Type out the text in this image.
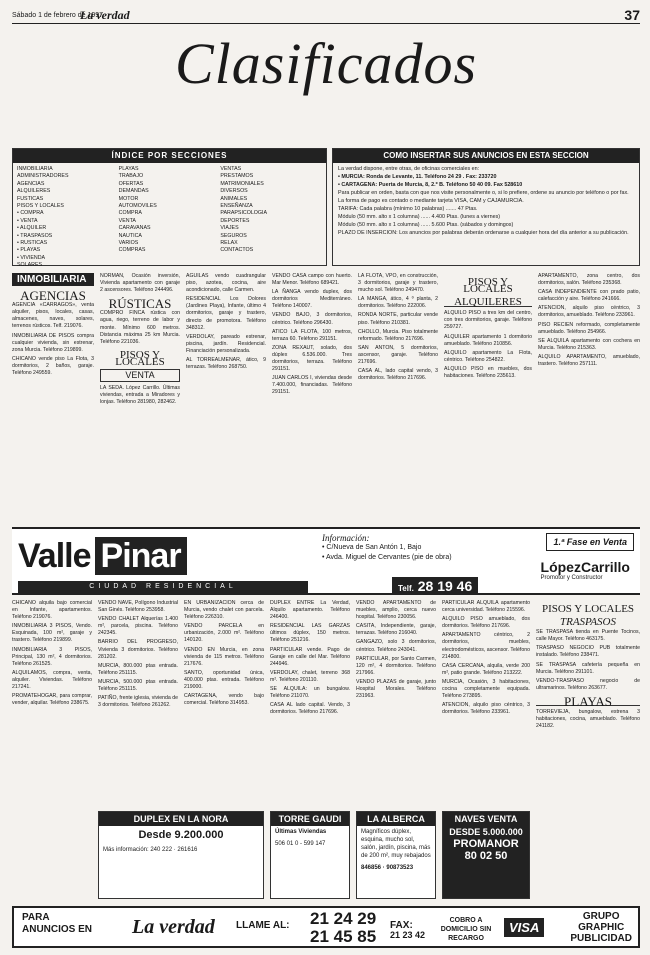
Sábado 1 de febrero de 1997
La verdad	37
Clasificados
ÍNDICE POR SECCIONES
INMOBILIARIA
ADMINISTRADORES
AGENCIAS
ALQUILERES
FUSTICAS
PISOS Y LOCALES
• COMPRA
• VENTA
• ALQUILER
• TRASPASOS
• RUSTICAS
• PLAYAS
• VIVIENDA
SOLARES
PLAYAS
TRABAJO
OFERTAS
DEMANDAS
MOTOR
AUTOMOVILES
COMPRA
VENTA
CARAVANAS
NAUTICA
VARIOS
COMPRAS
VENTAS
PRESTAMOS
MATRIMONIALES
DIVERSOS
ANIMALES
ENSEÑANZA
PARAPSICOLOGIA
DEPORTES
VIAJES
SEGUROS
RELAX
CONTACTOS
COMO INSERTAR SUS ANUNCIOS EN ESTA SECCION

La verdad dispone, entre otras, de oficinas comerciales en:

• MURCIA: Ronda de Levante, 11. Teléfono 24 29 . Fax: 233720

• CARTAGENA: Puerta de Murcia, 8, 2.º B. Teléfono 50 40 09. Fax 528610

Para publicar en orden, basta con que nos visite personalmente o, si lo prefiere, ordene su anuncio por teléfono o por fax.

La forma de pago es contado o mediante tarjeta VISA, CAM y CAJAMURCIA.

TARIFA: Cada palabra (mínimo 10 palabras) ....... 47 Ptas.

Módulo (50 mm. alto x 1 columna) ...... 4.400 Ptas. (lunes a viernes)

Módulo (50 mm. alto x 1 columna) ...... 5.600 Ptas. (sábados y domingos)

PLAZO DE INSERCION: Los anuncios por palabras deberán ordenarse a cualquier hora del día anterior a su publicación.

INMOBILIARIA
AGENCIAS

AGENCIA «CARRAGOS», venta alquiler, pisos, locales, casas, almacenes, naves, solares, terrenos rústicos. Telf. 219076.

INMOBILIARIA DE PISOS compra cualquier vivienda, sin estrenar, zona Murcia. Teléfono 219899.

CHICANO vende piso La Flota, 3 dormitorios, 2 baños, garaje. Teléfono 249559.

NORMAN, Ocasión inversión, Vivienda apartamento con garaje 2 ascensores. Teléfono 244496.

RÚSTICAS

COMPRO FINCA rústica con agua, riego, terreno de labor y monte. Mínimo 600 metros. Distancia máxima 25 km Murcia. Teléfono 221036.

PISOS Y LOCALES
VENTA

LA SEDA. López Carrillo. Últimas viviendas, entrada a Miradores y lonjas. Teléfono 281980, 282462.

AGUILAS vendo cuadrangular piso, azotea, cocina, aire acondicionado, calle Carmen.

RESIDENCIAL Los Dolores (Jardines Playa), Infante, último 4 dormitorios, garaje y trastero, directo de promotora. Teléfono 348312.

VERDOLAY, pareado estrenar, piscina, jardín. Residencial. Financiación personalizada.

AL TORREALMENAR, ático, 9 terrazas. Teléfono 268750.

VENDO CASA campo con huerto. Mar Menor. Teléfono 689421.

LA ÑANGA vendo duplex, dos dormitorios Mediterráneo. Teléfono 140007.

VENDO BAJO, 3 dormitorios, céntrico. Teléfono 296430.

ATICO LA FLOTA, 100 metros, terraza 60. Teléfono 291151.

ZONA REXAUT, solado, dos dúplex 6.536.000. Tres dormitorios, terraza. Teléfono 291151.

JUAN CARLOS I, viviendas desde 7.400.000, financiadas. Teléfono 291151.

LA FLOTA, VPO, en construcción, 3 dormitorios, garaje y trastero, mucho sol. Teléfono 249470.

LA MANGA, ático, 4 º planta, 2 dormitorios. Teléfono 222006.

RONDA NORTE, particular vende piso. Teléfono 210381.

CHOLLO, Murcia. Piso totalmente reformado. Teléfono 217696.

SAN ANTON, 5 dormitorios, ascensor, garaje. Teléfono 217696.

CASA AL, lado capital vendo, 3 dormitorios. Teléfono 217696.

PISOS Y LOCALES
ALQUILERES

ALQUILO PISO a tres km del centro, con tres dormitorios, garaje. Teléfono 259727.

ALQUILER apartamento 1 dormitorio amueblado. Teléfono 210856.

ALQUILO apartamento La Flota, céntrico. Teléfono 254822.

ALQUILO PISO en muebles, dos habitaciones. Teléfono 235613.

APARTAMENTO, zona centro, dos dormitorios, salón. Teléfono 235368.

CASA INDEPENDIENTE con prado patio, calefacción y aire. Teléfono 241666.

ATENCION, alquilo piso céntrico, 3 dormitorios, amueblado. Teléfono 233961.

PISO RECIEN reformado, completamente amueblado. Teléfono 254966.

SE ALQUILA apartamento con cochera en Murcia. Teléfono 215363.

ALQUILO APARTAMENTO, amueblado, trastero. Teléfono 257111.

Valle Pinar
CIUDAD RESIDENCIAL
Información:
• C/Nueva de San Antón 1, Bajo
• Avda. Miguel de Cervantes (pie de obra)
Telf. 28 19 46
1.ª Fase en Venta
LópezCarrillo
Promotor y Constructor

CHICANO alquila bajo comercial en Infante, apartamentos. Teléfono 219076.

INMOBILIARIA 3 PISOS, Vendo. Esquinada, 100 m², garaje y trastero. Teléfono 219899.

INMOBILIARIA 3 PISOS, Principal, 130 m², 4 dormitorios. Teléfono 261525.

ALQUILAMOS, compra, venta, alquiler. Viviendas. Teléfono 217241.

PROMATEHOGAR, para comprar, vender, alquilar. Teléfono 238675.

VENDO NAVE, Polígono Industrial San Ginés. Teléfono 253958.

VENDO CHALET Alquerías 1.400 m², parcela, piscina. Teléfono 242345.

BARRIO DEL PROGRESO, Vivienda 3 dormitorios. Teléfono 281202.

MURCIA, 800.000 ptas entrada. Teléfono 251115.

MURCIA, 500.000 ptas entrada. Teléfono 251115.

PATIÑO, frente iglesia, vivienda de 3 dormitorios. Teléfono 261262.

EN URBANIZACION cerca de Murcia, vendo chalet con parcela. Teléfono 226310.

VENDO PARCELA en urbanización, 2.000 m². Teléfono 140120.

VENDO EN Murcia, en zona vivienda de 115 metros. Teléfono 217676.

SANTO, oportunidad única, 400.000 ptas. entrada. Teléfono 219000.

CARTAGENA, vendo bajo comercial. Teléfono 314953.

DUPLEX ENTRE La Verdad, Alquilo apartamento. Teléfono 246400.

RESIDENCIAL LAS GARZAS últimos dúplex, 150 metros. Teléfono 251216.

PARTICULAR vende. Pago de Garaje en calle del Mar. Teléfono 244946.

VERDOLAY, chalet, terreno 368 m². Teléfono 201110.

SE ALQUILA: un bungalow. Teléfono 211070.

CASA AL lado capital. Vendo, 3 dormitorios. Teléfono 217696.

VENDO APARTAMENTO de muebles, amplio, cerca nuevo hospital. Teléfono 230056.

CASITA, Independiente, garaje, terrazas. Teléfono 216040.

GANGAZO, solo 3 dormitorios, céntrico. Teléfono 243041.

PARTICULAR, por Santo Carmen, 120 m², 4 dormitorios. Teléfono 217966.

VENDO PLAZAS de garaje, junto Hospital Morales. Teléfono 231963.

PARTICULAR ALQUILA apartamento cerca universidad. Teléfono 215596.

ALQUILO PISO amueblado, dos dormitorios. Teléfono 217696.

APARTAMENTO céntrico, 2 dormitorios, muebles, electrodomésticos, ascensor. Teléfono 214800.

CASA CERCANA, alquila, verde 200 m², patio grande. Teléfono 213222.

MURCIA, Ocasión, 3 habitaciones, cocina completamente equipada. Teléfono 273895.

ATENCION, alquilo piso céntrico, 3 dormitorios. Teléfono 233961.

PISOS Y LOCALES
TRASPASOS

SE TRASPASA tienda en Puente Tocinos, calle Mayor. Teléfono 463175.

TRASPASO NEGOCIO PUB totalmente instalado. Teléfono 238471.

SE TRASPASA cafetería pequeña en Murcia. Teléfono 291101.

VENDO-TRASPASO negocio de ultramarinos. Teléfono 263677.

PLAYAS

TORREVIEJA, bungalow, estrena 3 habitaciones, cocina, amueblado. Teléfono 241182.

DUPLEX EN LA NORA
Desde 9.200.000
Más información: 240 222 · 261616
TORRE GAUDI
Últimas Viviendas
506 01 0 - 599 147
LA ALBERCA
Magníficos dúplex, esquina, mucho sol, salón, jardín, piscina, más de 200 m², muy rebajados
846856 · 90873523
NAVES VENTA
DESDE 5.000.000
PROMANOR
80 02 50
PARA
ANUNCIOS EN La verdad LLAME AL: 21 24 29
21 45 85
FAX:
21 23 42
COBRO A DOMICILIO SIN RECARGO
VISA
GRUPO
GRAPHIC
PUBLICIDAD
